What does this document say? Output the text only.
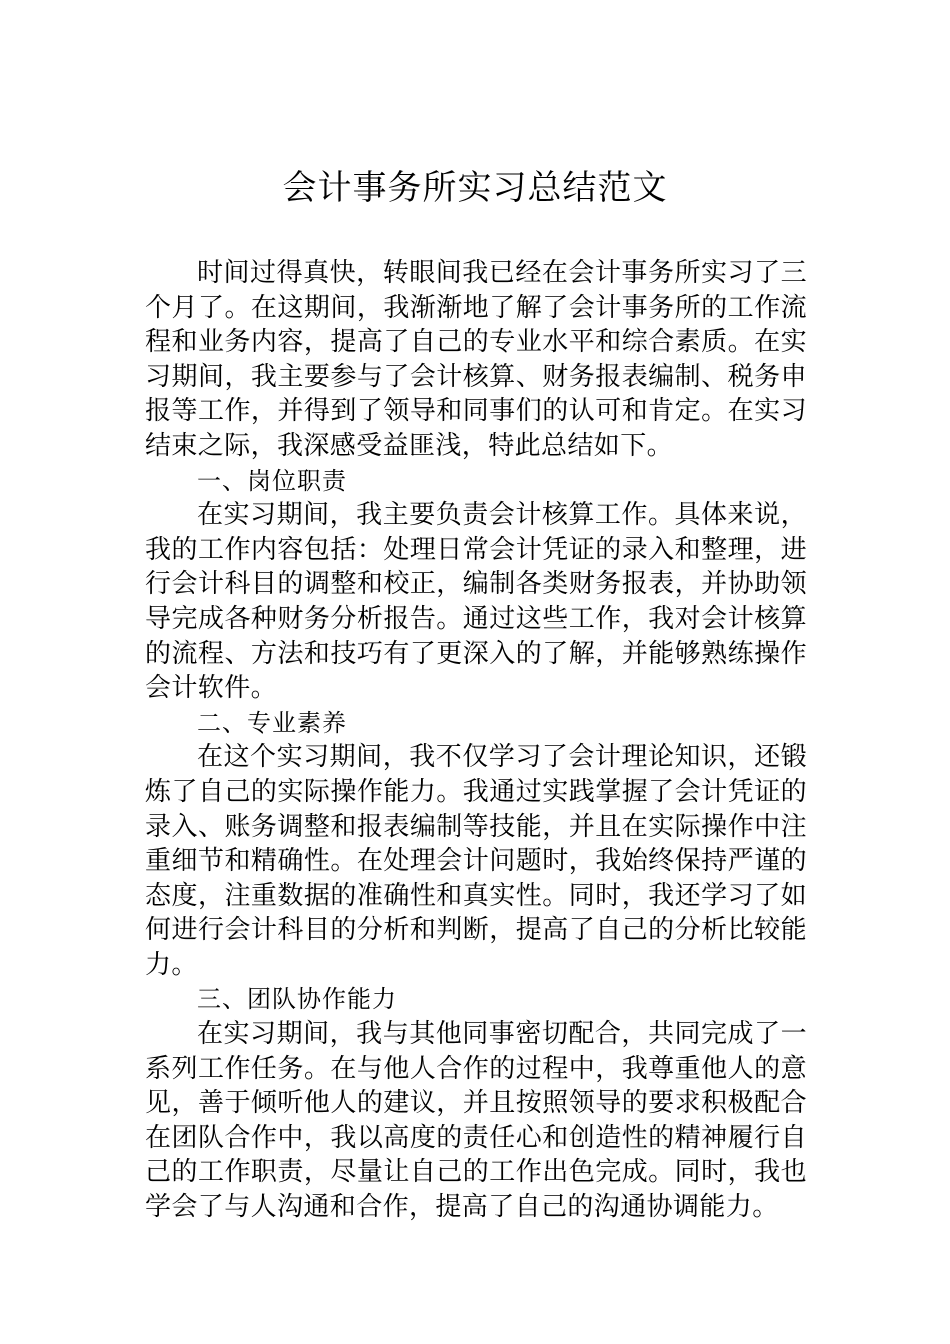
会计事务所实习总结范文

时间过得真快，转眼间我已经在会计事务所实习了三个月了。在这期间，我渐渐地了解了会计事务所的工作流程和业务内容，提高了自己的专业水平和综合素质。在实习期间，我主要参与了会计核算、财务报表编制、税务申报等工作，并得到了领导和同事们的认可和肯定。在实习结束之际，我深感受益匪浅，特此总结如下。

一、岗位职责

在实习期间，我主要负责会计核算工作。具体来说，我的工作内容包括：处理日常会计凭证的录入和整理，进行会计科目的调整和校正，编制各类财务报表，并协助领导完成各种财务分析报告。通过这些工作，我对会计核算的流程、方法和技巧有了更深入的了解，并能够熟练操作会计软件。

二、专业素养

在这个实习期间，我不仅学习了会计理论知识，还锻炼了自己的实际操作能力。我通过实践掌握了会计凭证的录入、账务调整和报表编制等技能，并且在实际操作中注重细节和精确性。在处理会计问题时，我始终保持严谨的态度，注重数据的准确性和真实性。同时，我还学习了如何进行会计科目的分析和判断，提高了自己的分析比较能力。

三、团队协作能力

在实习期间，我与其他同事密切配合，共同完成了一系列工作任务。在与他人合作的过程中，我尊重他人的意见，善于倾听他人的建议，并且按照领导的要求积极配合在团队合作中，我以高度的责任心和创造性的精神履行自己的工作职责，尽量让自己的工作出色完成。同时，我也学会了与人沟通和合作，提高了自己的沟通协调能力。
